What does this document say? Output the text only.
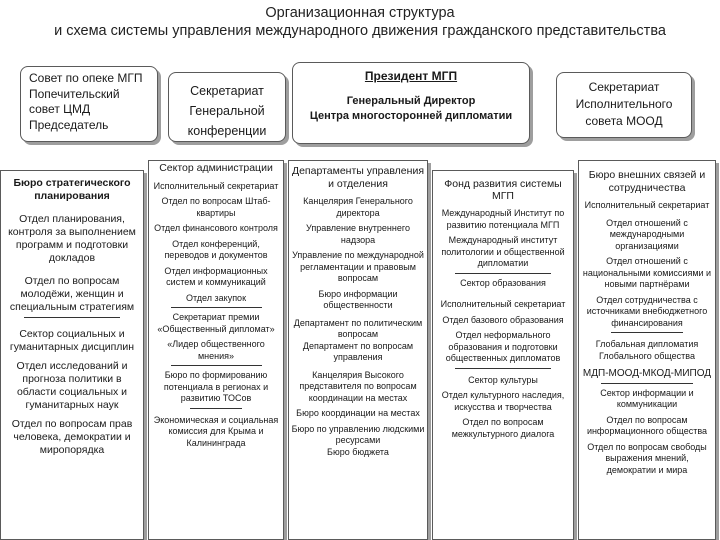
Организационная структура
и схема системы управления международного движения гражданского представительства
Совет по опеке МГП
Попечительский
совет ЦМД
Председатель
Секретариат
Генеральной
конференции
Президент МГП
Генеральный Директор
Центра многосторонней дипломатии
Секретариат
Исполнительного
совета МООД
Бюро стратегического
планирования
Отдел планирования, контроля за выполнением программ и подготовки докладов
Отдел по вопросам молодёжи, женщин и специальным стратегиям
Сектор социальных и гуманитарных дисциплин
Отдел исследований и прогноза политики в области социальных и гуманитарных наук
Отдел по вопросам прав человека, демократии и миропорядка
Сектор администрации
Исполнительный секретариат
Отдел по вопросам Штаб-квартиры
Отдел финансового контроля
Отдел конференций, переводов и документов
Отдел информационных систем и коммуникаций
Отдел закупок
Секретариат премии «Общественный дипломат»
«Лидер общественного мнения»
Бюро по формированию потенциала в регионах и развитию ТОСов
Экономическая и социальная комиссия для Крыма и Калининграда
Департаменты управления и отделения
Канцелярия Генерального директора
Управление внутреннего надзора
Управление по международной регламентации и правовым вопросам
Бюро информации общественности
Департамент по политическим вопросам
Департамент по вопросам управления
Канцелярия Высокого представителя по вопросам координации на местах
Бюро координации на местах
Бюро по управлению людскими ресурсами
Бюро бюджета
Фонд развития системы
МГП
Международный Институт по развитию потенциала МГП
Международный институт политологии и общественной дипломатии
Сектор образования
Исполнительный секретариат
Отдел базового образования
Отдел неформального образования и подготовки общественных дипломатов
Сектор культуры
Отдел культурного наследия, искусства и творчества
Отдел по вопросам межкультурного диалога
Бюро внешних связей и сотрудничества
Исполнительный секретариат
Отдел отношений с международными организациями
Отдел отношений с национальными комиссиями и новыми партнёрами
Отдел сотрудничества с источниками внебюджетного финансирования
Глобальная дипломатия Глобального общества
МДП-МООД-МКОД-МИПОД
Сектор информации и коммуникации
Отдел по вопросам информационного общества
Отдел по вопросам свободы выражения мнений, демократии и мира
